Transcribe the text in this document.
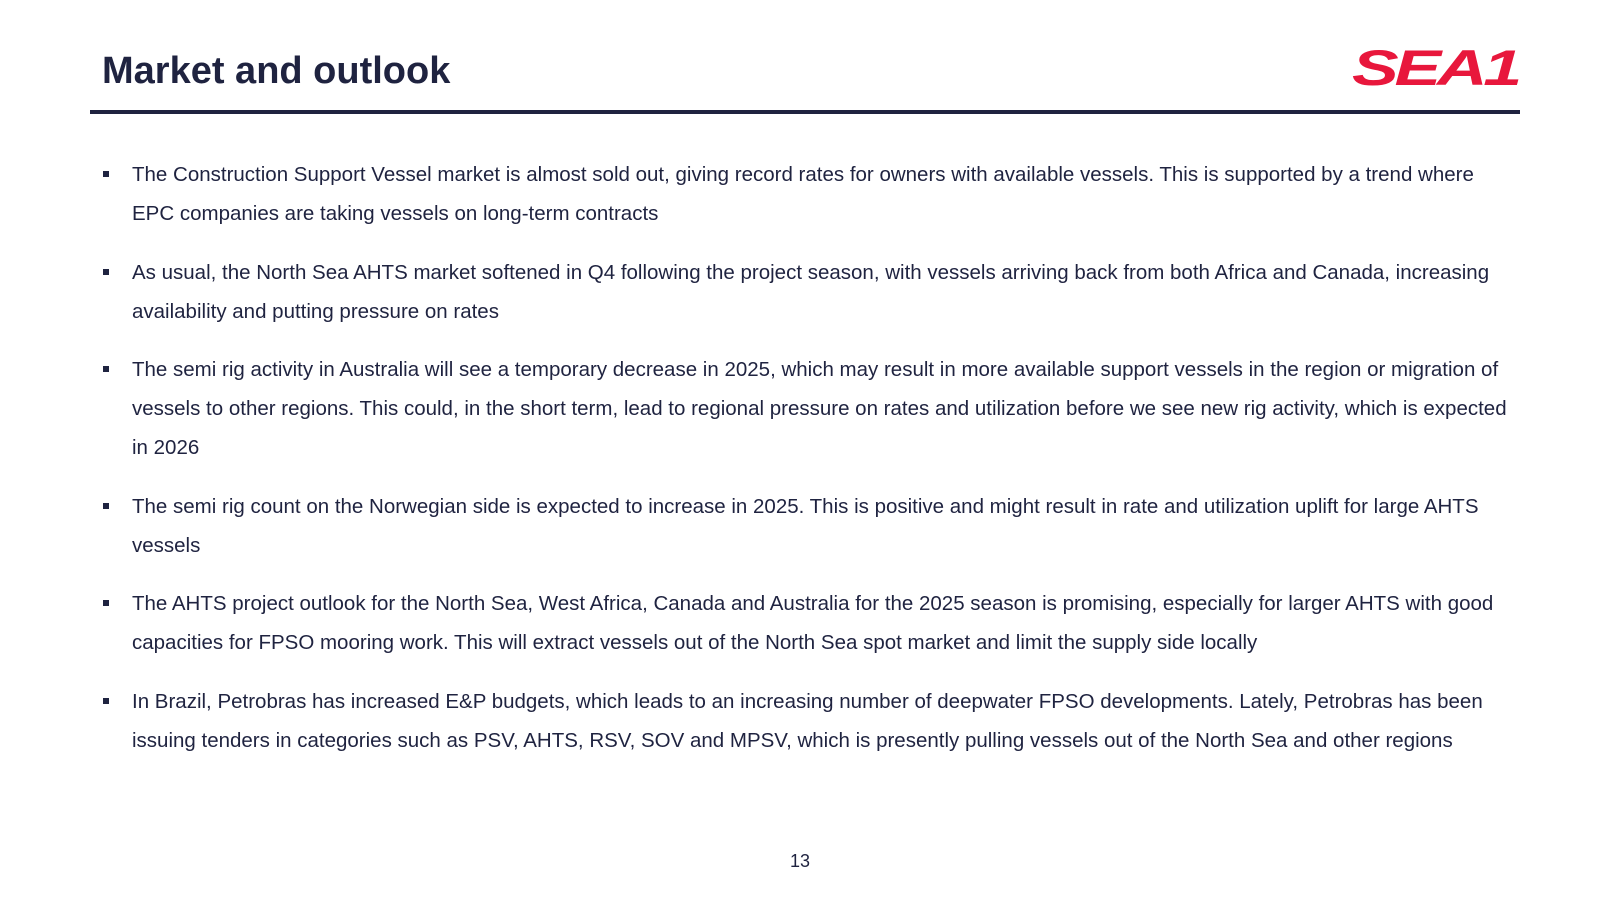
Market and outlook	SEA1
The Construction Support Vessel market is almost sold out, giving record rates for owners with available vessels. This is supported by a trend where EPC companies are taking vessels on long-term contracts
As usual, the North Sea AHTS market softened in Q4 following the project season, with vessels arriving back from both Africa and Canada, increasing availability and putting pressure on rates
The semi rig activity in Australia will see a temporary decrease in 2025, which may result in more available support vessels in the region or migration of vessels to other regions. This could, in the short term, lead to regional pressure on rates and utilization before we see new rig activity, which is expected in 2026
The semi rig count on the Norwegian side is expected to increase in 2025. This is positive and might result in rate and utilization uplift for large AHTS vessels
The AHTS project outlook for the North Sea, West Africa, Canada and Australia for the 2025 season is promising, especially for larger AHTS with good capacities for FPSO mooring work. This will extract vessels out of the North Sea spot market and limit the supply side locally
In Brazil, Petrobras has increased E&P budgets, which leads to an increasing number of deepwater FPSO developments. Lately, Petrobras has been issuing tenders in categories such as PSV, AHTS, RSV, SOV and MPSV, which is presently pulling vessels out of the North Sea and other regions
13
